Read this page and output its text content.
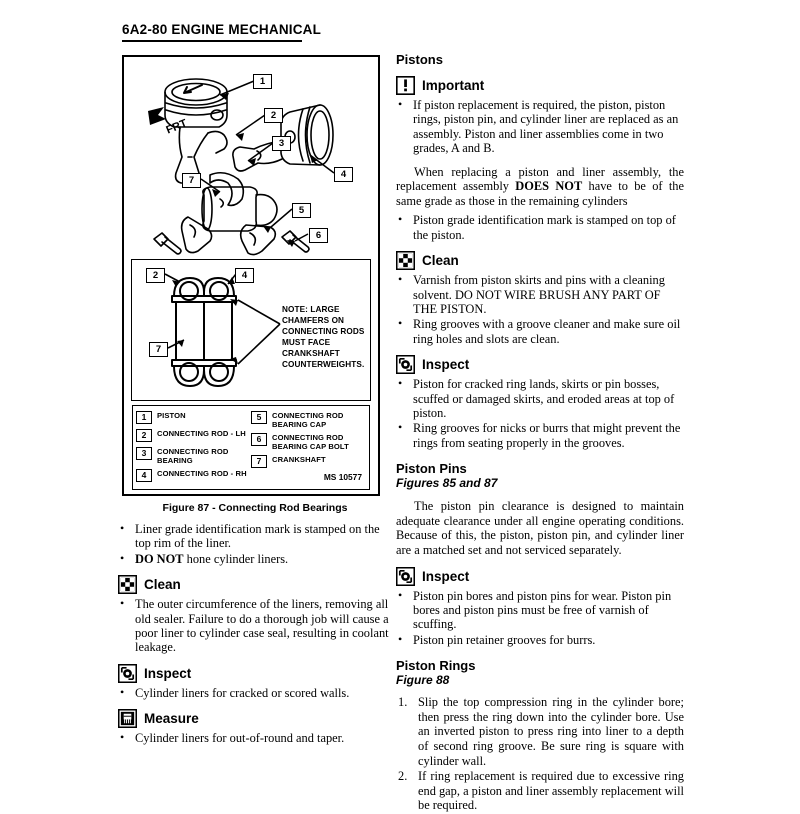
6A2-80 ENGINE MECHANICAL
FRT
1
2
3
4
5
6
7
2	4
7
NOTE: LARGE
CHAMFERS ON
CONNECTING RODS
MUST FACE CRANKSHAFT
COUNTERWEIGHTS.
1	PISTON
2	CONNECTING ROD - LH
3	CONNECTING ROD BEARING
4	CONNECTING ROD - RH
5	CONNECTING ROD BEARING CAP
6	CONNECTING ROD BEARING CAP BOLT
7	CRANKSHAFT
MS 10577
Figure 87 - Connecting Rod Bearings
• Liner grade identification mark is stamped on the top rim of the liner.
• DO NOT hone cylinder liners.
Clean
• The outer circumference of the liners, removing all old sealer. Failure to do a thorough job will cause a poor liner to cylinder case seal, resulting in coolant leakage.
Inspect
• Cylinder liners for cracked or scored walls.
Measure
• Cylinder liners for out-of-round and taper.
Pistons
Important
• If piston replacement is required, the piston, piston rings, piston pin, and cylinder liner are replaced as an assembly. Piston and liner assemblies come in two grades, A and B.

When replacing a piston and liner assembly, the replacement assembly DOES NOT have to be of the same grade as those in the remaining cylinders

• Piston grade identification mark is stamped on top of the piston.
Clean
• Varnish from piston skirts and pins with a cleaning solvent. DO NOT WIRE BRUSH ANY PART OF THE PISTON.
• Ring grooves with a groove cleaner and make sure oil ring holes and slots are clean.
Inspect
• Piston for cracked ring lands, skirts or pin bosses, scuffed or damaged skirts, and eroded areas at top of piston.
• Ring grooves for nicks or burrs that might prevent the rings from seating properly in the grooves.
Piston Pins
Figures 85 and 87

The piston pin clearance is designed to maintain adequate clearance under all engine operating conditions. Because of this, the piston, piston pin, and cylinder liner are a matched set and not serviced separately.

Inspect
• Piston pin bores and piston pins for wear. Piston pin bores and piston pins must be free of varnish of scuffing.
• Piston pin retainer grooves for burrs.
Piston Rings
Figure 88
1. Slip the top compression ring in the cylinder bore; then press the ring down into the cylinder bore. Use an inverted piston to press ring into liner to a depth of second ring groove. Be sure ring is square with cylinder wall.
2. If ring replacement is required due to excessive ring end gap, a piston and liner assembly replacement will be required.
